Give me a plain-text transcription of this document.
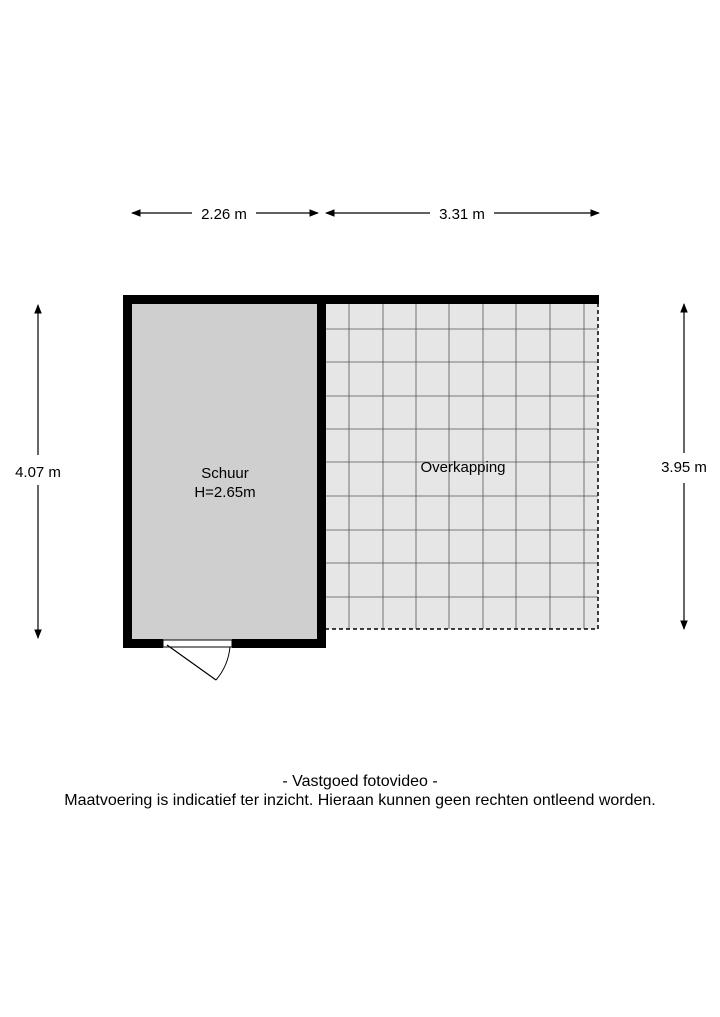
Schuur
H=2.65m
Overkapping
2.26 m	3.31 m
4.07 m	3.95 m
- Vastgoed fotovideo -
Maatvoering is indicatief ter inzicht. Hieraan kunnen geen rechten ontleend worden.
